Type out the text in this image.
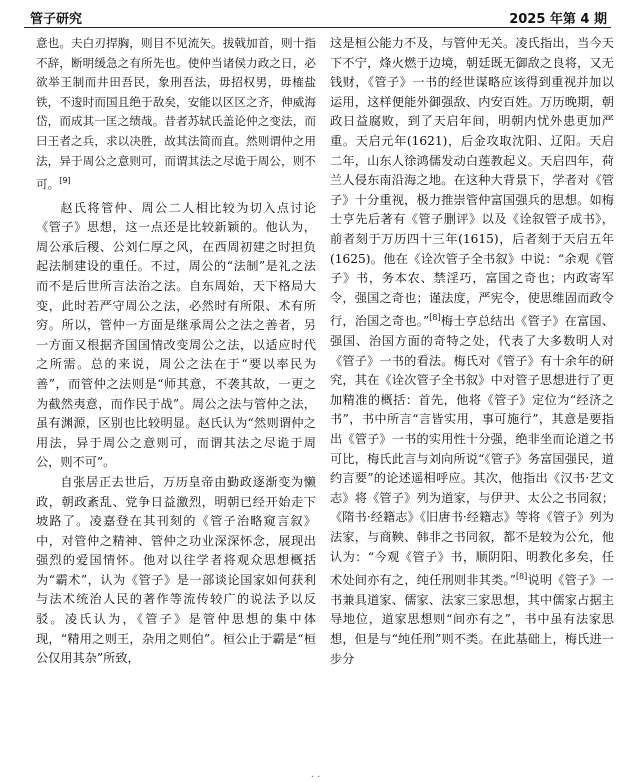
管子研究	2025 年第 4 期

意也。夫白刃捍胸，则目不见流矢。拔戟加首，则十指不辞，断明缓急之有所先也。使仲当诸侯力政之日，必欲举王制而井田吾民，象刑吾法，毋招权男，毋榷盐铁，不逡时而国且绝于敌矣，安能以区区之齐，伸威海岱，而成其一匡之绩哉。昔者苏轼氏盖论仲之变法，而曰王者之兵，求以决胜，故其法简而直。然则谓仲之用法，异于周公之意则可，而谓其法之尽诡于周公，则不可。[9]

赵氏将管仲、周公二人相比较为切入点讨论《管子》思想，这一点还是比较新颖的。他认为，周公承后稷、公刘仁厚之风，在西周初建之时担负起法制建设的重任。不过，周公的“法制”是礼之法而不是后世所言法治之法。自东周始，天下格局大变，此时若严守周公之法，必然时有所限、术有所穷。所以，管仲一方面是继承周公之法之善者，另一方面又根据齐国国情改变周公之法，以适应时代之所需。总的来说，周公之法在于“要以率民为善”，而管仲之法则是“师其意，不袭其故，一更之为截然夷意，而作民于战”。周公之法与管仲之法，虽有渊源，区别也比较明显。赵氏认为“然则谓仲之用法，异于周公之意则可，而谓其法之尽诡于周公，则不可”。

自张居正去世后，万历皇帝由勤政逐渐变为懒政，朝政紊乱、党争日益激烈，明朝已经开始走下坡路了。凌嘉登在其刊刻的《管子治略窥言叙》中，对管仲之精神、管仲之功业深深怀念，展现出强烈的爱国情怀。他对以往学者将观众思想概括为“霸术”，认为《管子》是一部谈论国家如何获利与法术统治人民的著作等流传较广的说法予以反驳。凌氏认为，《管子》是管仲思想的集中体现，“精用之则王，杂用之则伯”。桓公止于霸是“桓公仅用其杂”所致，

这是桓公能力不及，与管仲无关。凌氏指出，当今天下不宁，烽火燃于边境，朝廷既无御敌之良将，又无钱财，《管子》一书的经世谋略应该得到重视并加以运用，这样便能外御强敌、内安百姓。万历晚期，朝政日益腐败，到了天启年间，明朝内忧外患更加严重。天启元年(1621)，后金攻取沈阳、辽阳。天启二年，山东人徐鸿儒发动白莲教起义。天启四年，荷兰人侵东南沿海之地。在这种大背景下，学者对《管子》十分重视，极力推崇管仲富国强兵的思想。如梅士亨先后著有《管子删评》以及《诠叙管子成书》，前者刻于万历四十三年(1615)，后者刻于天启五年(1625)。他在《诠次管子全书叙》中说：“余观《管子》书，务本农、禁淫巧，富国之奇也；内政寄军令，强国之奇也；谨法度，严宪令，使思维固而政令行，治国之奇也。”[8]梅士亨总结出《管子》在富国、强国、治国方面的奇特之处，代表了大多数明人对《管子》一书的看法。梅氏对《管子》有十余年的研究，其在《诠次管子全书叙》中对管子思想进行了更加精准的概括：首先，他将《管子》定位为“经济之书”，书中所言“言皆实用，事可施行”，其意是要指出《管子》一书的实用性十分强，绝非坐而论道之书可比，梅氏此言与刘向所说“《管子》务富国强民，道约言要”的论述遥相呼应。其次，他指出《汉书·艺文志》将《管子》列为道家，与伊尹、太公之书同叙；《隋书·经籍志》《旧唐书·经籍志》等将《管子》列为法家，与商鞅、韩非之书同叙，都不是较为公允，他认为：“今观《管子》书，顺阴阳、明教化多矣，任术处间亦有之，纯任刑则非其类。”[8]说明《管子》一书兼具道家、儒家、法家三家思想，其中儒家占据主导地位，道家思想则“间亦有之”，书中虽有法家思想，但是与“纯任刑”则不类。在此基础上，梅氏进一步分

· ·
